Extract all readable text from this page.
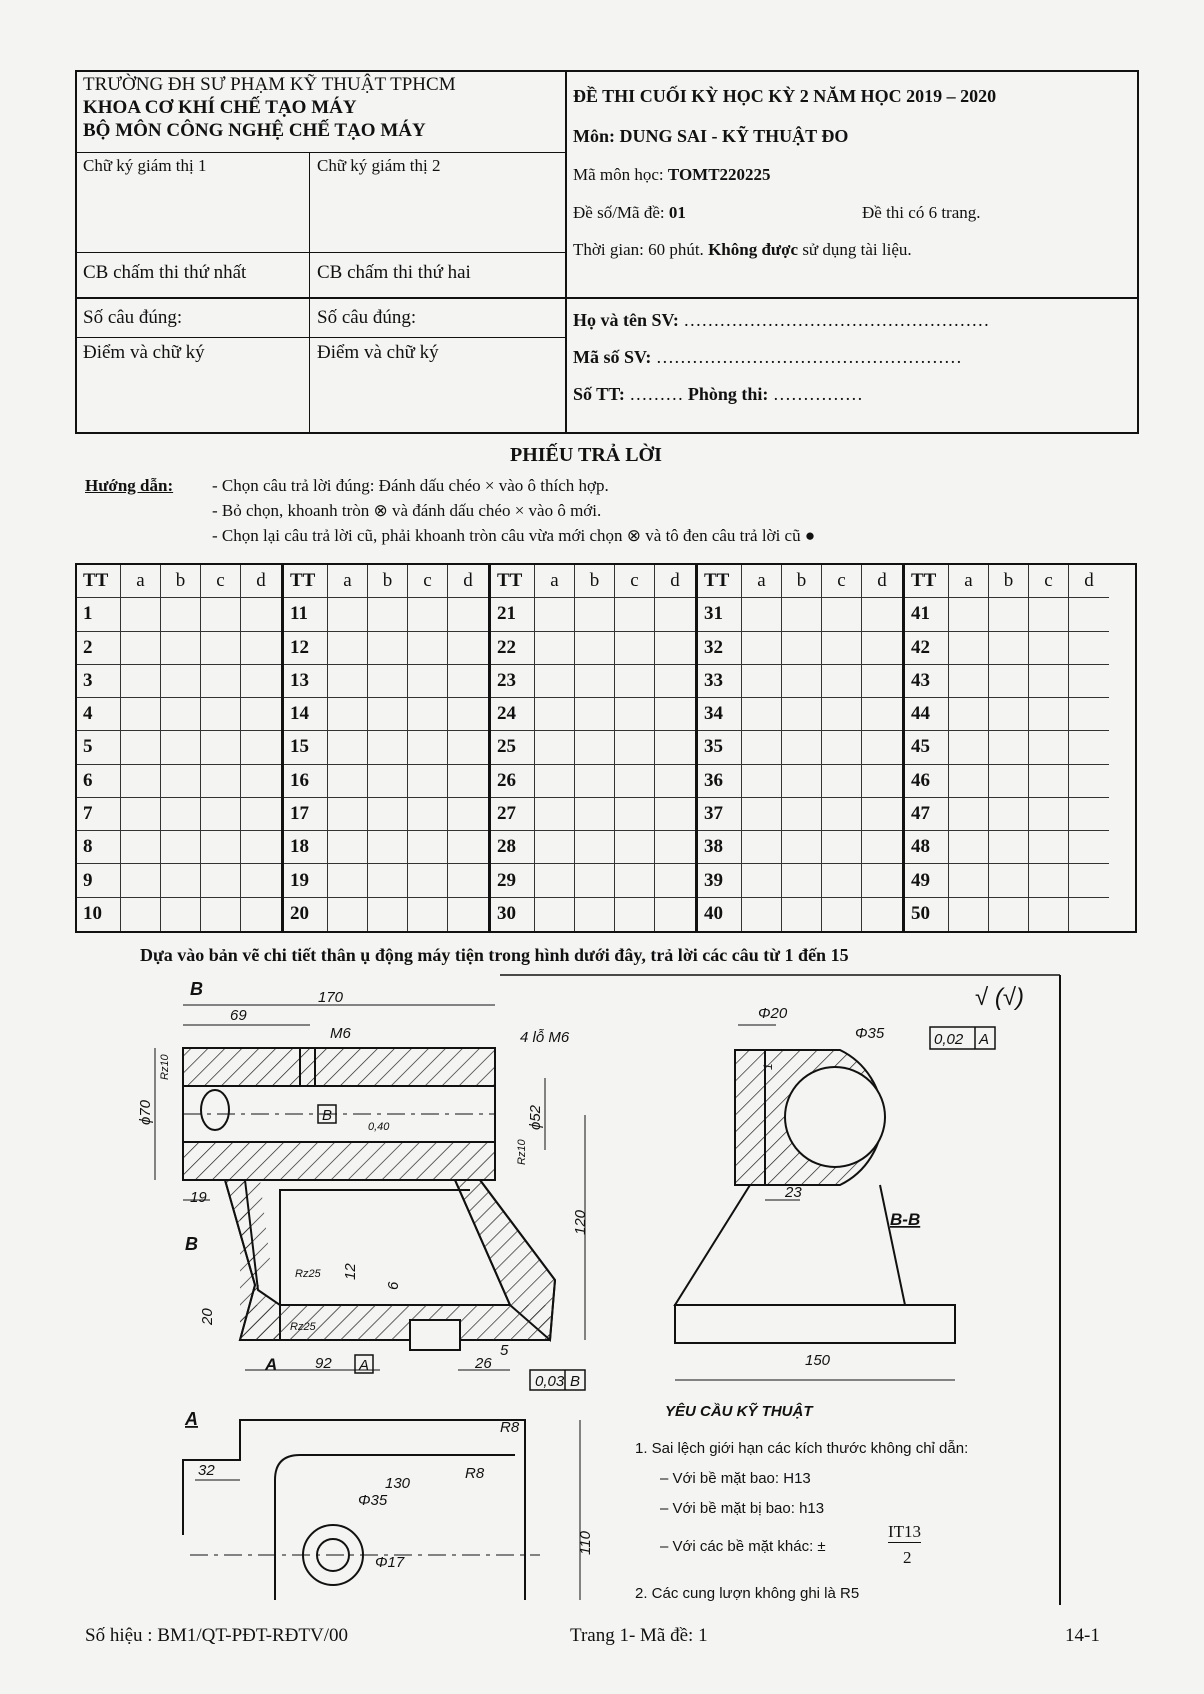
TRƯỜNG ĐH SƯ PHẠM KỸ THUẬT TPHCM
KHOA CƠ KHÍ CHẾ TẠO MÁY
BỘ MÔN CÔNG NGHỆ CHẾ TẠO MÁY
Chữ ký giám thị 1	Chữ ký giám thị 2
CB chấm thi thứ nhất	CB chấm thi thứ hai
Số câu đúng:	Số câu đúng:
Điểm và chữ ký	Điểm và chữ ký
ĐỀ THI CUỐI KỲ HỌC KỲ 2 NĂM HỌC 2019 – 2020
Môn: DUNG SAI - KỸ THUẬT ĐO
Mã môn học: TOMT220225
Đề số/Mã đề: 01	Đề thi có 6 trang.
Thời gian: 60 phút. Không được sử dụng tài liệu.
Họ và tên SV: ……………………………………………
Mã số SV: ……………………………………………
Số TT: ……… Phòng thi: ……………
PHIẾU TRẢ LỜI
Hướng dẫn: - Chọn câu trả lời đúng: Đánh dấu chéo × vào ô thích hợp.
- Bỏ chọn, khoanh tròn ⊗ và đánh dấu chéo × vào ô mới.
- Chọn lại câu trả lời cũ, phải khoanh tròn câu vừa mới chọn ⊗ và tô đen câu trả lời cũ ●
TT	a	b	c	d
1
2
3
4
5
6
7
8
9
10
TT	a	b	c	d
11
12
13
14
15
16
17
18
19
20
TT	a	b	c	d
21
22
23
24
25
26
27
28
29
30
TT	a	b	c	d
31
32
33
34
35
36
37
38
39
40
TT	a	b	c	d
41
42
43
44
45
46
47
48
49
50
Dựa vào bản vẽ chi tiết thân ụ động máy tiện trong hình dưới đây, trả lời các câu từ 1 đến 15
170
69
M6	4 lỗ M6
ϕ70	ϕ52
Rz10
Rz10
0,40
19
120
Rz25
Rz25
12
6
20
92	26
5
0,03 B
B
A
A
B
B
A
Φ20
Φ35	0,02 A
23
B-B
150
1
√ (√)
32
R8
R8
130
Φ35
Φ17
110
YÊU CẦU KỸ THUẬT
1. Sai lệch giới hạn các kích thước không chỉ dẫn:
– Với bề mặt bao: H13
– Với bề mặt bị bao: h13
– Với các bề mặt khác: ±
IT13
2
2. Các cung lượn không ghi là R5
Số hiệu : BM1/QT-PĐT-RĐTV/00	Trang 1- Mã đề: 1	14-1
